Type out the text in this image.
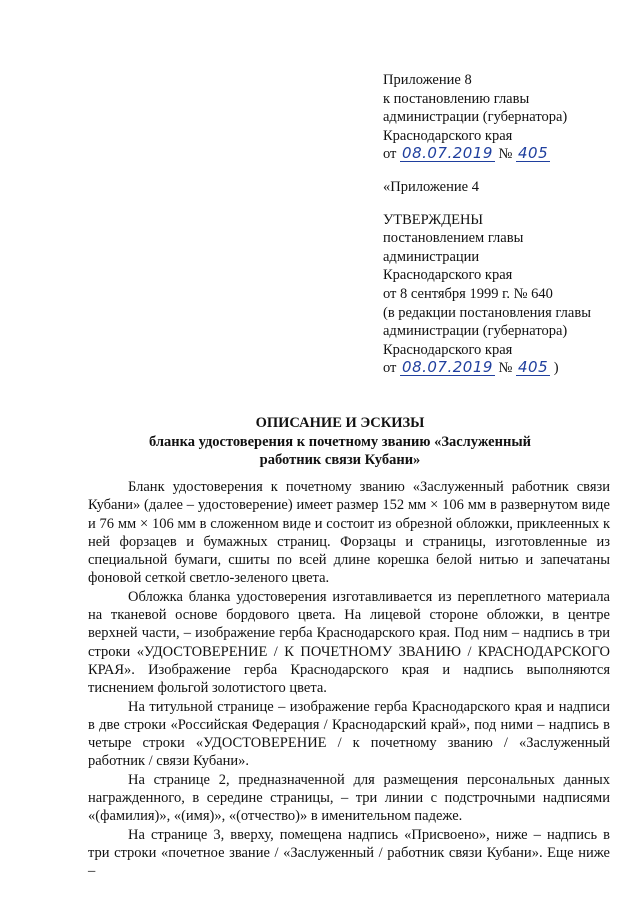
Приложение 8
к постановлению главы
администрации (губернатора)
Краснодарского края
от 08.07.2019 № 405
«Приложение 4
УТВЕРЖДЕНЫ
постановлением главы
администрации
Краснодарского края
от 8 сентября 1999 г. № 640
(в редакции постановления главы
администрации (губернатора)
Краснодарского края
от 08.07.2019 № 405 )
ОПИСАНИЕ И ЭСКИЗЫ
бланка удостоверения к почетному званию «Заслуженный
работник связи Кубани»

Бланк удостоверения к почетному званию «Заслуженный работник связи Кубани» (далее – удостоверение) имеет размер 152 мм × 106 мм в развернутом виде и 76 мм × 106 мм в сложенном виде и состоит из обрезной обложки, приклеенных к ней форзацев и бумажных страниц. Форзацы и страницы, изготовленные из специальной бумаги, сшиты по всей длине корешка белой нитью и запечатаны фоновой сеткой светло-зеленого цвета.

Обложка бланка удостоверения изготавливается из переплетного материала на тканевой основе бордового цвета. На лицевой стороне обложки, в центре верхней части, – изображение герба Краснодарского края. Под ним – надпись в три строки «УДОСТОВЕРЕНИЕ / К ПОЧЕТНОМУ ЗВАНИЮ / КРАСНОДАРСКОГО КРАЯ». Изображение герба Краснодарского края и надпись выполняются тиснением фольгой золотистого цвета.

На титульной странице – изображение герба Краснодарского края и надписи в две строки «Российская Федерация / Краснодарский край», под ними – надпись в четыре строки «УДОСТОВЕРЕНИЕ / к почетному званию / «Заслуженный работник / связи Кубани».

На странице 2, предназначенной для размещения персональных данных награжденного, в середине страницы, – три линии с подстрочными надписями «(фамилия)», «(имя)», «(отчество)» в именительном падеже.

На странице 3, вверху, помещена надпись «Присвоено», ниже – надпись в три строки «почетное звание / «Заслуженный / работник связи Кубани». Еще ниже –
